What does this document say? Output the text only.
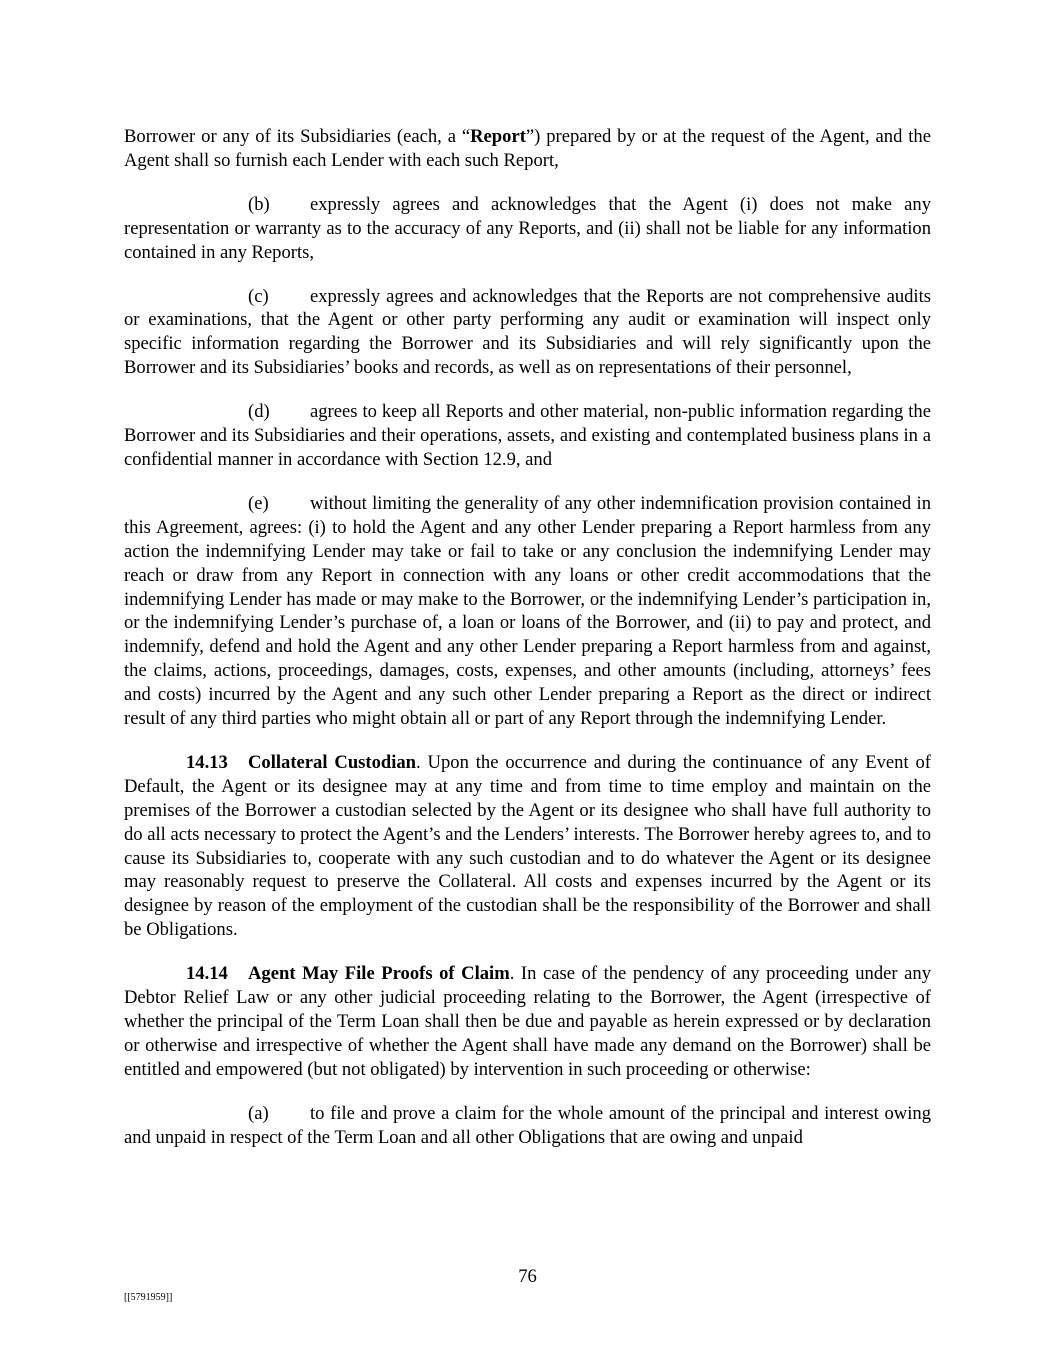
Borrower or any of its Subsidiaries (each, a “Report”) prepared by or at the request of the Agent, and the Agent shall so furnish each Lender with each such Report,

(b) expressly agrees and acknowledges that the Agent (i) does not make any representation or warranty as to the accuracy of any Reports, and (ii) shall not be liable for any information contained in any Reports,

(c) expressly agrees and acknowledges that the Reports are not comprehensive audits or examinations, that the Agent or other party performing any audit or examination will inspect only specific information regarding the Borrower and its Subsidiaries and will rely significantly upon the Borrower and its Subsidiaries’ books and records, as well as on representations of their personnel,

(d) agrees to keep all Reports and other material, non-public information regarding the Borrower and its Subsidiaries and their operations, assets, and existing and contemplated business plans in a confidential manner in accordance with Section 12.9, and

(e) without limiting the generality of any other indemnification provision contained in this Agreement, agrees: (i) to hold the Agent and any other Lender preparing a Report harmless from any action the indemnifying Lender may take or fail to take or any conclusion the indemnifying Lender may reach or draw from any Report in connection with any loans or other credit accommodations that the indemnifying Lender has made or may make to the Borrower, or the indemnifying Lender’s participation in, or the indemnifying Lender’s purchase of, a loan or loans of the Borrower, and (ii) to pay and protect, and indemnify, defend and hold the Agent and any other Lender preparing a Report harmless from and against, the claims, actions, proceedings, damages, costs, expenses, and other amounts (including, attorneys’ fees and costs) incurred by the Agent and any such other Lender preparing a Report as the direct or indirect result of any third parties who might obtain all or part of any Report through the indemnifying Lender.

14.13 Collateral Custodian. Upon the occurrence and during the continuance of any Event of Default, the Agent or its designee may at any time and from time to time employ and maintain on the premises of the Borrower a custodian selected by the Agent or its designee who shall have full authority to do all acts necessary to protect the Agent’s and the Lenders’ interests. The Borrower hereby agrees to, and to cause its Subsidiaries to, cooperate with any such custodian and to do whatever the Agent or its designee may reasonably request to preserve the Collateral. All costs and expenses incurred by the Agent or its designee by reason of the employment of the custodian shall be the responsibility of the Borrower and shall be Obligations.

14.14 Agent May File Proofs of Claim. In case of the pendency of any proceeding under any Debtor Relief Law or any other judicial proceeding relating to the Borrower, the Agent (irrespective of whether the principal of the Term Loan shall then be due and payable as herein expressed or by declaration or otherwise and irrespective of whether the Agent shall have made any demand on the Borrower) shall be entitled and empowered (but not obligated) by intervention in such proceeding or otherwise:

(a) to file and prove a claim for the whole amount of the principal and interest owing and unpaid in respect of the Term Loan and all other Obligations that are owing and unpaid

76
[[5791959]]
